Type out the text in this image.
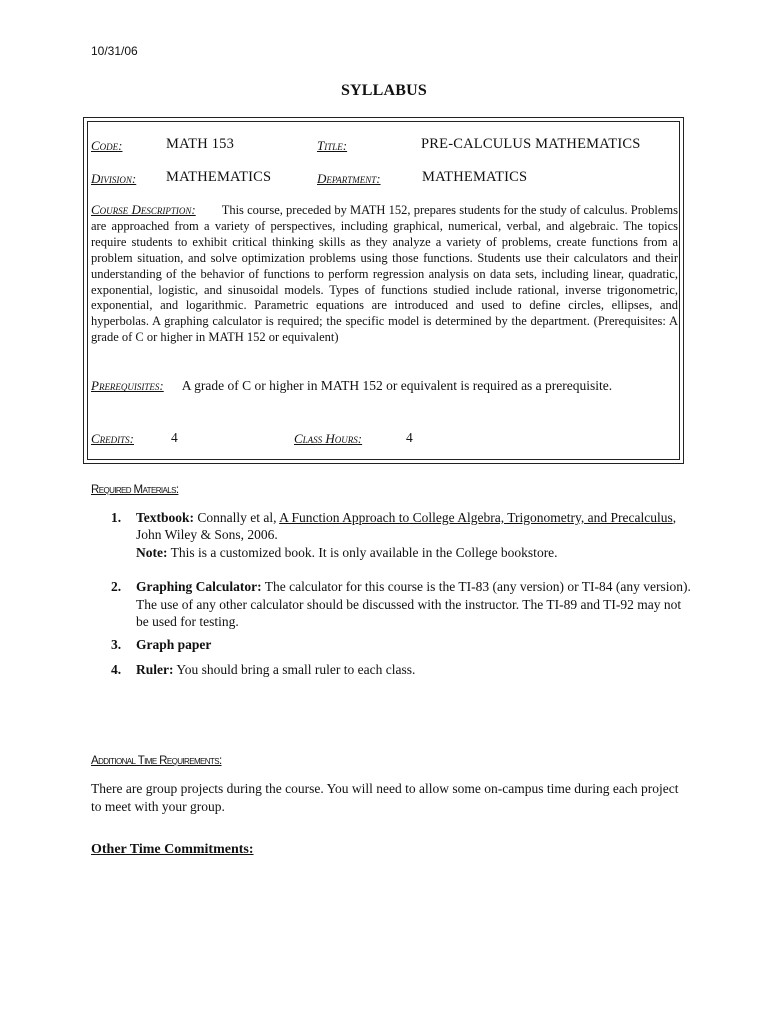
10/31/06
SYLLABUS
Code:	MATH 153	Title:	PRE-CALCULUS MATHEMATICS
Division: MATHEMATICS	Department:	MATHEMATICS
Course Description: This course, preceded by MATH 152, prepares students for the study of calculus. Problems are approached from a variety of perspectives, including graphical, numerical, verbal, and algebraic. The topics require students to exhibit critical thinking skills as they analyze a variety of problems, create functions from a problem situation, and solve optimization problems using those functions. Students use their calculators and their understanding of the behavior of functions to perform regression analysis on data sets, including linear, quadratic, exponential, logistic, and sinusoidal models. Types of functions studied include rational, inverse trigonometric, exponential, and logarithmic. Parametric equations are introduced and used to define circles, ellipses, and hyperbolas. A graphing calculator is required; the specific model is determined by the department. (Prerequisites: A grade of C or higher in MATH 152 or equivalent)
Prerequisites: A grade of C or higher in MATH 152 or equivalent is required as a prerequisite.
Credits:	4	Class Hours:	4
Required Materials:
1. Textbook: Connally et al, A Function Approach to College Algebra, Trigonometry, and Precalculus, John Wiley & Sons, 2006.
Note: This is a customized book. It is only available in the College bookstore.
2. Graphing Calculator: The calculator for this course is the TI-83 (any version) or TI-84 (any version). The use of any other calculator should be discussed with the instructor. The TI-89 and TI-92 may not be used for testing.
3. Graph paper
4. Ruler: You should bring a small ruler to each class.
Additional Time Requirements:
There are group projects during the course. You will need to allow some on-campus time during each project to meet with your group.
Other Time Commitments:
